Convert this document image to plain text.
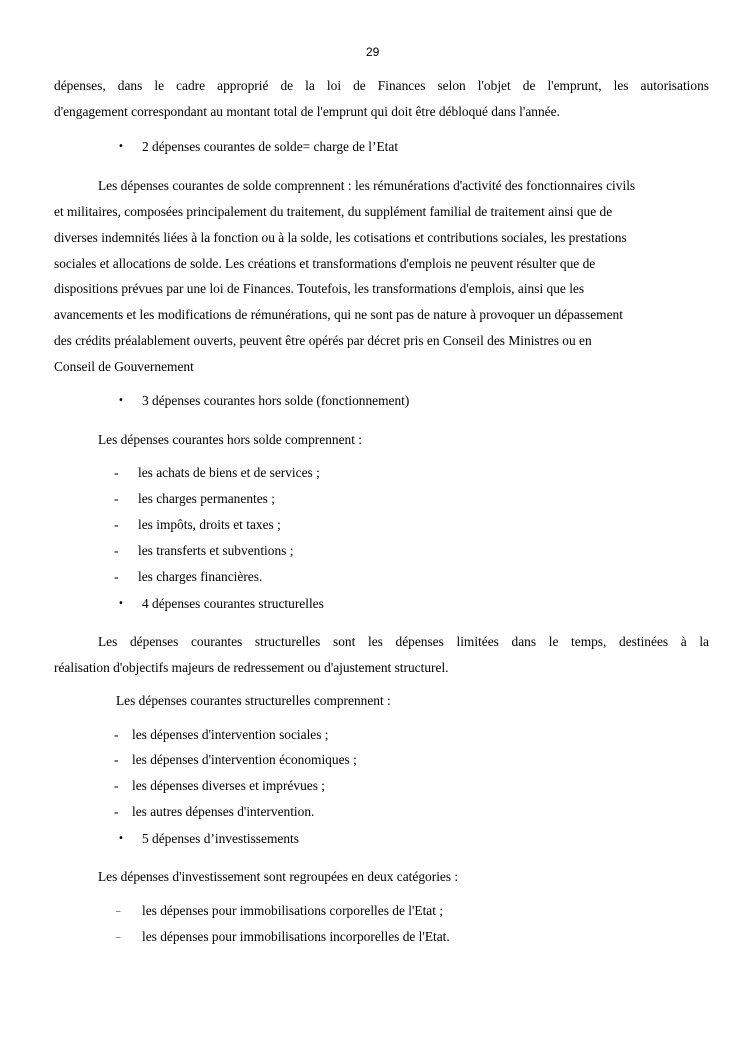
29
dépenses, dans le cadre approprié de la loi de Finances selon l'objet de l'emprunt, les autorisations
d'engagement correspondant au montant total de l'emprunt qui doit être débloqué dans l'année.
• 2 dépenses courantes de solde= charge de l’Etat
Les dépenses courantes de solde comprennent : les rémunérations d'activité des fonctionnaires civils
et militaires, composées principalement du traitement, du supplément familial de traitement ainsi que de
diverses indemnités liées à la fonction ou à la solde, les cotisations et contributions sociales, les prestations
sociales et allocations de solde. Les créations et transformations d'emplois ne peuvent résulter que de
dispositions prévues par une loi de Finances. Toutefois, les transformations d'emplois, ainsi que les
avancements et les modifications de rémunérations, qui ne sont pas de nature à provoquer un dépassement
des crédits préalablement ouverts, peuvent être opérés par décret pris en Conseil des Ministres ou en
Conseil de Gouvernement
• 3 dépenses courantes hors solde (fonctionnement)
Les dépenses courantes hors solde comprennent :
- les achats de biens et de services ;
- les charges permanentes ;
- les impôts, droits et taxes ;
- les transferts et subventions ;
- les charges financières.
• 4 dépenses courantes structurelles
Les dépenses courantes structurelles sont les dépenses limitées dans le temps, destinées à la
réalisation d'objectifs majeurs de redressement ou d'ajustement structurel.
Les dépenses courantes structurelles comprennent :
- les dépenses d'intervention sociales ;
- les dépenses d'intervention économiques ;
- les dépenses diverses et imprévues ;
- les autres dépenses d'intervention.
• 5 dépenses d’investissements
Les dépenses d'investissement sont regroupées en deux catégories :
– les dépenses pour immobilisations corporelles de l'Etat ;
– les dépenses pour immobilisations incorporelles de l'Etat.
